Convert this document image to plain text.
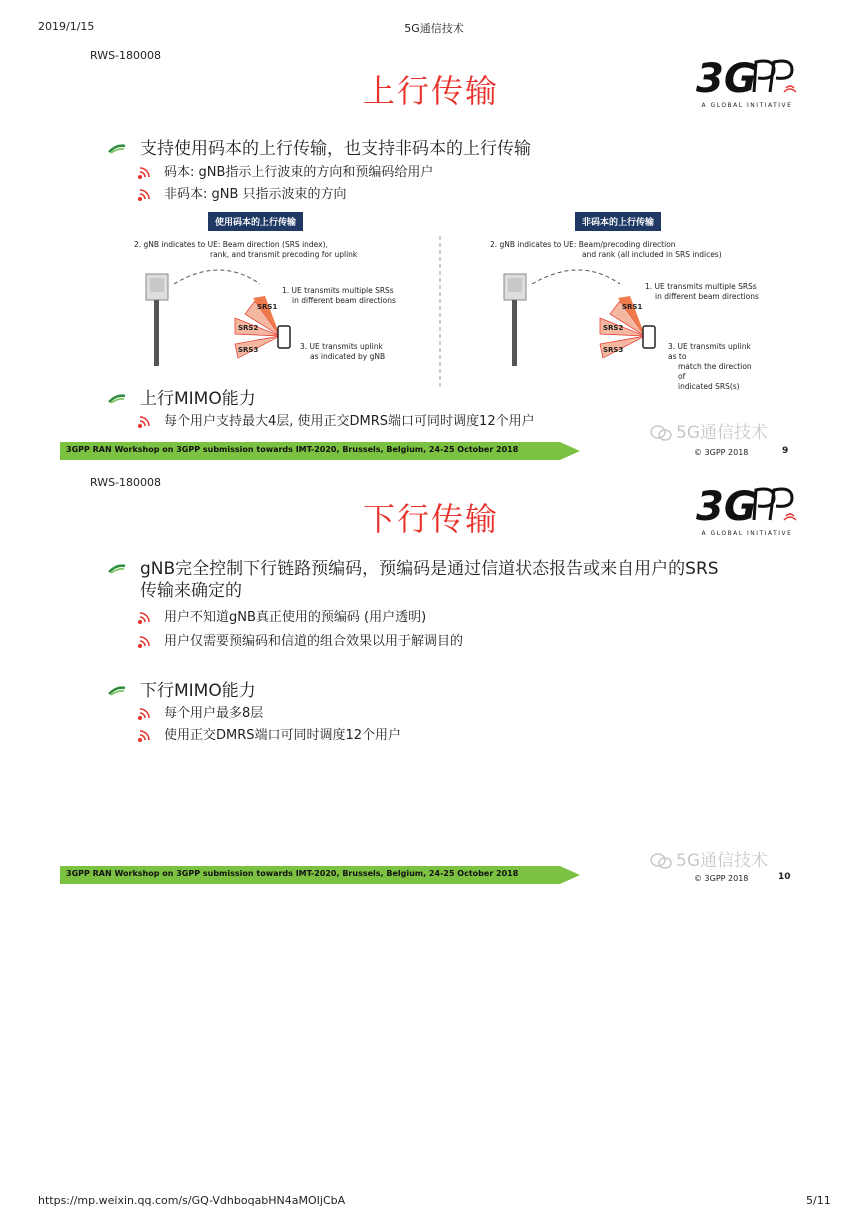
2019/1/15	5G通信技术
RWS-180008
上行传输	3G
A GLOBAL INITIATIVE
支持使用码本的上行传输，也支持非码本的上行传输
码本: gNB指示上行波束的方向和预编码给用户
非码本: gNB 只指示波束的方向
使用码本的上行传输	非码本的上行传输
2. gNB indicates to UE: Beam direction (SRS index),
rank, and transmit precoding for uplink
1. UE transmits multiple SRSs
in different beam directions
3. UE transmits uplink
as indicated by gNB
SRS1
SRS2
SRS3
2. gNB indicates to UE: Beam/precoding direction
and rank (all included in SRS indices)
1. UE transmits multiple SRSs
in different beam directions
3. UE transmits uplink as to
match the direction of
indicated SRS(s)
SRS1
SRS2
SRS3
上行MIMO能力
每个用户支持最大4层, 使用正交DMRS端口可同时调度12个用户
5G通信技术
3GPP RAN Workshop on 3GPP submission towards IMT-2020, Brussels, Belgium, 24-25 October 2018	© 3GPP 2018	9
RWS-180008
下行传输	3G
A GLOBAL INITIATIVE
gNB完全控制下行链路预编码，预编码是通过信道状态报告或来自用户的SRS
传输来确定的
用户不知道gNB真正使用的预编码 (用户透明)
用户仅需要预编码和信道的组合效果以用于解调目的
下行MIMO能力
每个用户最多8层
使用正交DMRS端口可同时调度12个用户
5G通信技术
3GPP RAN Workshop on 3GPP submission towards IMT-2020, Brussels, Belgium, 24-25 October 2018
© 3GPP 2018	10
https://mp.weixin.qq.com/s/GQ-VdhboqabHN4aMOIjCbA	5/11
